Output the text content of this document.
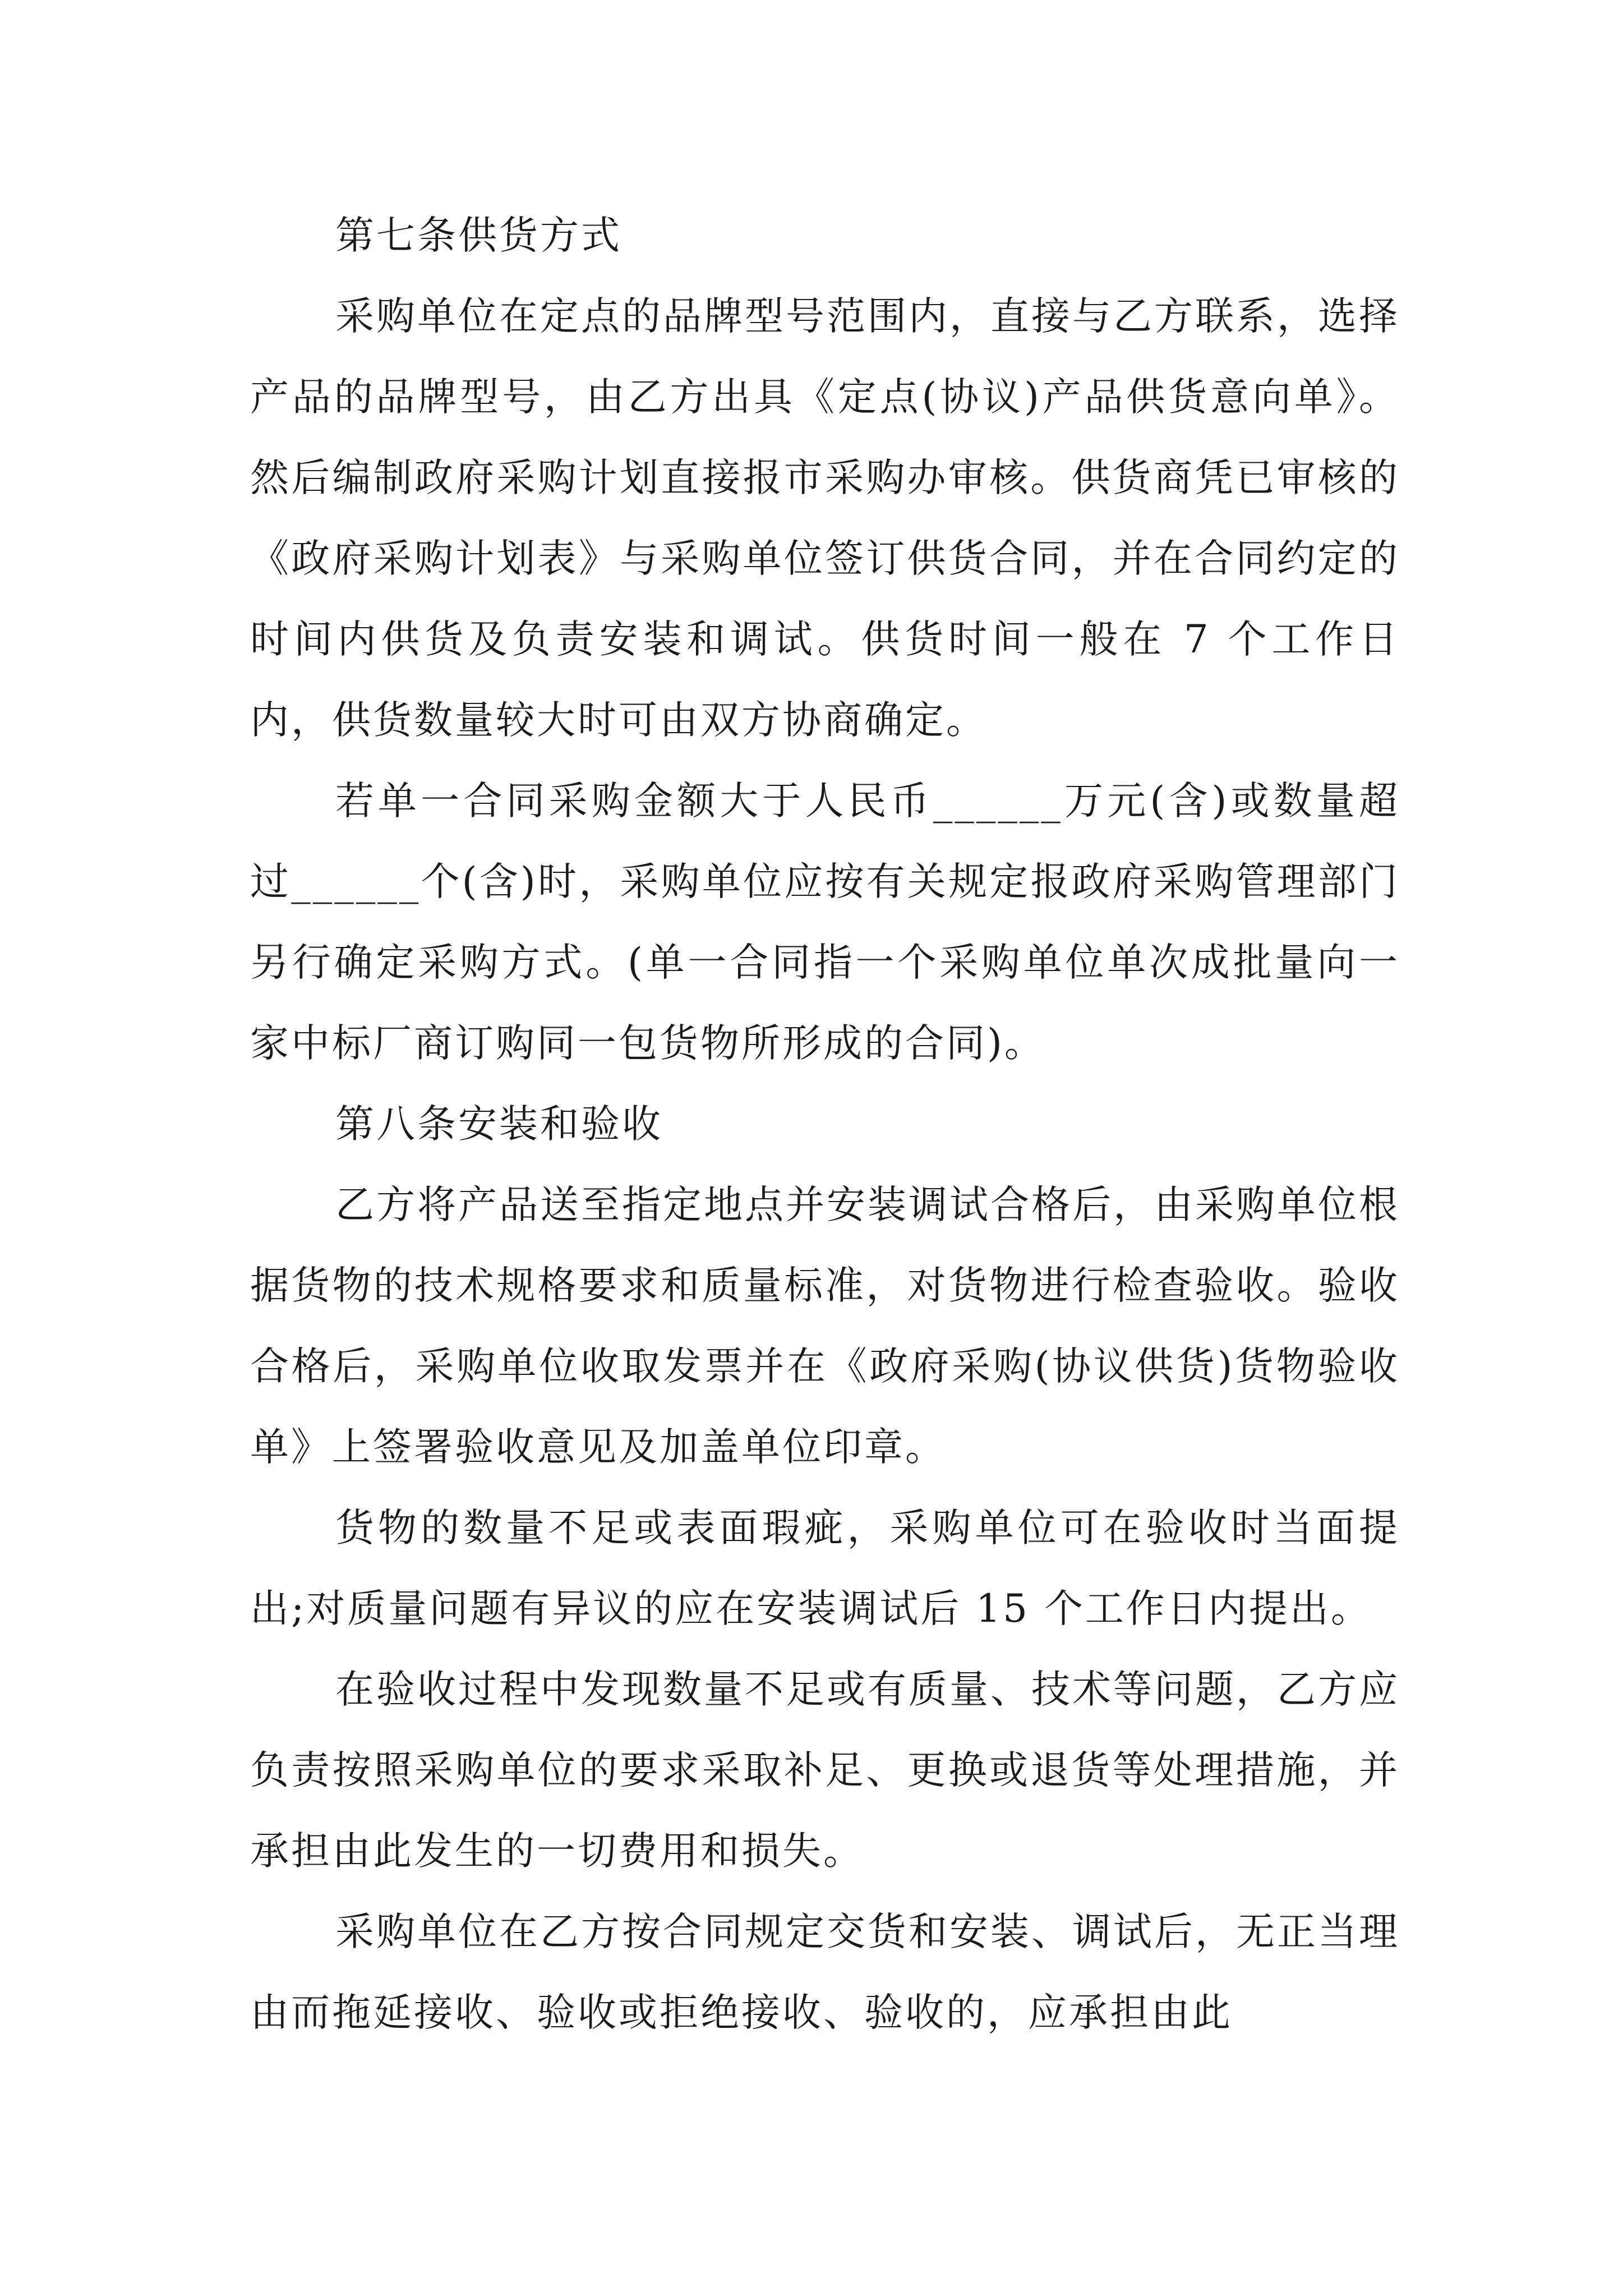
第七条供货方式

采购单位在定点的品牌型号范围内，直接与乙方联系，选择产品的品牌型号，由乙方出具《定点(协议)产品供货意向单》。然后编制政府采购计划直接报市采购办审核。供货商凭已审核的《政府采购计划表》与采购单位签订供货合同，并在合同约定的时间内供货及负责安装和调试。供货时间一般在 7 个工作日内，供货数量较大时可由双方协商确定。

若单一合同采购金额大于人民币______万元(含)或数量超过______个(含)时，采购单位应按有关规定报政府采购管理部门另行确定采购方式。(单一合同指一个采购单位单次成批量向一家中标厂商订购同一包货物所形成的合同)。

第八条安装和验收

乙方将产品送至指定地点并安装调试合格后，由采购单位根据货物的技术规格要求和质量标准，对货物进行检查验收。验收合格后，采购单位收取发票并在《政府采购(协议供货)货物验收单》上签署验收意见及加盖单位印章。

货物的数量不足或表面瑕疵，采购单位可在验收时当面提出;对质量问题有异议的应在安装调试后 15 个工作日内提出。

在验收过程中发现数量不足或有质量、技术等问题，乙方应负责按照采购单位的要求采取补足、更换或退货等处理措施，并承担由此发生的一切费用和损失。

采购单位在乙方按合同规定交货和安装、调试后，无正当理由而拖延接收、验收或拒绝接收、验收的，应承担由此
